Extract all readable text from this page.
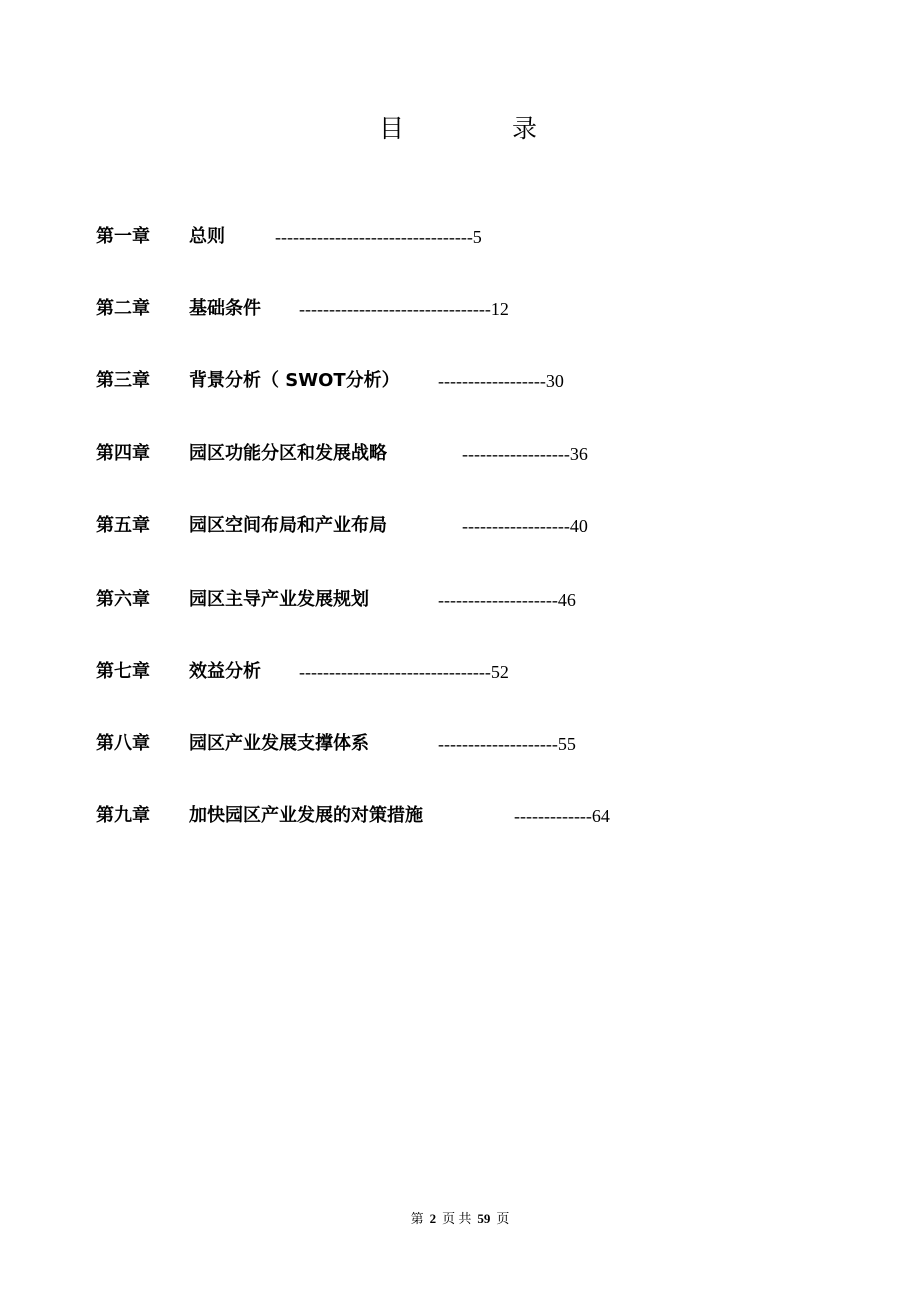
目 录
第一章 总则	---------------------------------5
第二章 基础条件 --------------------------------12
第三章 背景分析（ SWOT分析） ------------------30
第四章 园区功能分区和发展战略	------------------36
第五章 园区空间布局和产业布局	------------------40
第六章 园区主导产业发展规划	--------------------46
第七章 效益分析 --------------------------------52
第八章 园区产业发展支撑体系	--------------------55
第九章 加快园区产业发展的对策措施	-------------64
第 2 页 共 59 页
